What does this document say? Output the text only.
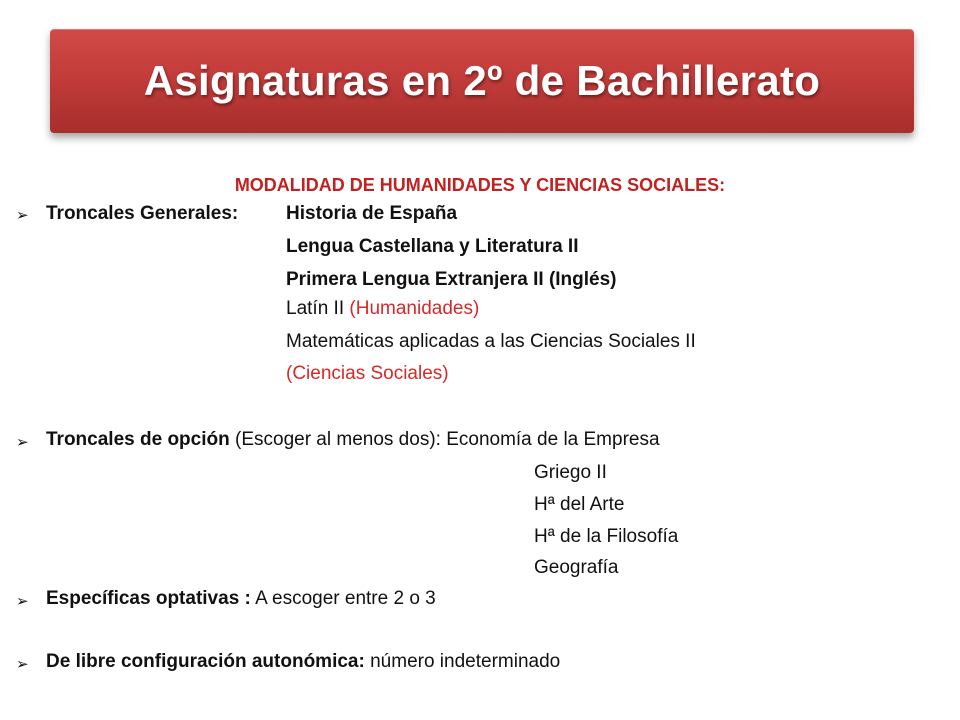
Asignaturas en 2º de Bachillerato
MODALIDAD DE HUMANIDADES Y CIENCIAS SOCIALES:
➢ Troncales Generales:	Historia de España
Lengua Castellana y Literatura II
Primera Lengua Extranjera II (Inglés)
Latín II (Humanidades)
Matemáticas aplicadas a las Ciencias Sociales II
(Ciencias Sociales)
➢ Troncales de opción (Escoger al menos dos): Economía de la Empresa
Griego II
Hª del Arte
Hª de la Filosofía
Geografía
➢ Específicas optativas : A escoger entre 2 o 3
➢ De libre configuración autonómica: número indeterminado
